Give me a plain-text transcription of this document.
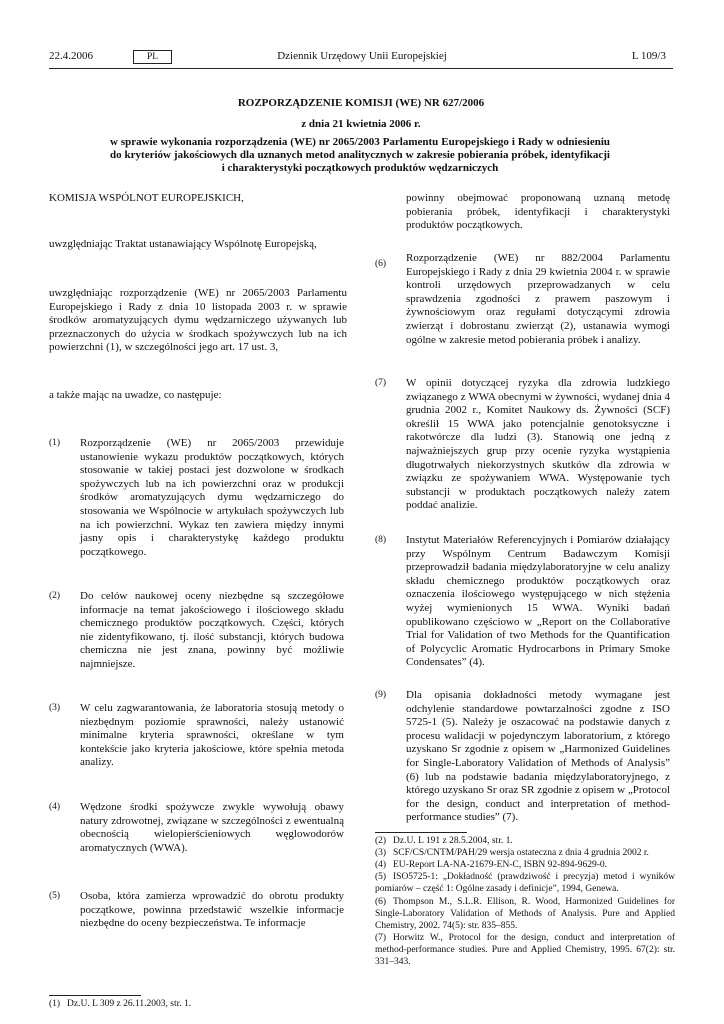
22.4.2006	PL	Dziennik Urzędowy Unii Europejskiej	L 109/3
ROZPORZĄDZENIE KOMISJI (WE) NR 627/2006
z dnia 21 kwietnia 2006 r.
w sprawie wykonania rozporządzenia (WE) nr 2065/2003 Parlamentu Europejskiego i Rady w odniesieniu do kryteriów jakościowych dla uznanych metod analitycznych w zakresie pobierania próbek, identyfikacji i charakterystyki początkowych produktów wędzarniczych
KOMISJA WSPÓLNOT EUROPEJSKICH,
uwzględniając Traktat ustanawiający Wspólnotę Europejską,
uwzględniając rozporządzenie (WE) nr 2065/2003 Parlamentu Europejskiego i Rady z dnia 10 listopada 2003 r. w sprawie środków aromatyzujących dymu wędzarniczego używanych lub przeznaczonych do użycia w środkach spożywczych lub na ich powierzchni (1), w szczególności jego art. 17 ust. 3,
a także mając na uwadze, co następuje:
(1) Rozporządzenie (WE) nr 2065/2003 przewiduje ustanowienie wykazu produktów początkowych, których stosowanie w takiej postaci jest dozwolone w środkach spożywczych lub na ich powierzchni oraz w produkcji środków aromatyzujących dymu wędzarniczego do stosowania we Wspólnocie w artykułach spożywczych lub na ich powierzchni. Wykaz ten zawiera między innymi jasny opis i charakterystykę każdego produktu początkowego.
(2) Do celów naukowej oceny niezbędne są szczegółowe informacje na temat jakościowego i ilościowego składu chemicznego produktów początkowych. Części, których nie zidentyfikowano, tj. ilość substancji, których budowa chemiczna nie jest znana, powinny być możliwie najmniejsze.
(3) W celu zagwarantowania, że laboratoria stosują metody o niezbędnym poziomie sprawności, należy ustanowić minimalne kryteria sprawności, określane w tym kontekście jako kryteria jakościowe, które spełnia metoda analizy.
(4) Wędzone środki spożywcze zwykle wywołują obawy natury zdrowotnej, związane w szczególności z ewentualną obecnością wielopierścieniowych węglowodorów aromatycznych (WWA).
(5) Osoba, która zamierza wprowadzić do obrotu produkty początkowe, powinna przedstawić wszelkie informacje niezbędne do oceny bezpieczeństwa. Te informacje
(1) Dz.U. L 309 z 26.11.2003, str. 1.
powinny obejmować proponowaną uznaną metodę pobierania próbek, identyfikacji i charakterystyki produktów początkowych.
(6) Rozporządzenie (WE) nr 882/2004 Parlamentu Europejskiego i Rady z dnia 29 kwietnia 2004 r. w sprawie kontroli urzędowych przeprowadzanych w celu sprawdzenia zgodności z prawem paszowym i żywnościowym oraz regułami dotyczącymi zdrowia zwierząt i dobrostanu zwierząt (2), ustanawia wymogi ogólne w zakresie metod pobierania próbek i analizy.
(7) W opinii dotyczącej ryzyka dla zdrowia ludzkiego związanego z WWA obecnymi w żywności, wydanej dnia 4 grudnia 2002 r., Komitet Naukowy ds. Żywności (SCF) określił 15 WWA jako potencjalnie genotoksyczne i rakotwórcze dla ludzi (3). Stanowią one jedną z najważniejszych grup przy ocenie ryzyka wystąpienia długotrwałych niekorzystnych skutków dla zdrowia w związku ze spożywaniem WWA. Występowanie tych substancji w produktach początkowych należy zatem poddać analizie.
(8) Instytut Materiałów Referencyjnych i Pomiarów działający przy Wspólnym Centrum Badawczym Komisji przeprowadził badania międzylaboratoryjne w celu analizy składu chemicznego produktów początkowych oraz oznaczenia ilościowego występującego w nich stężenia wyżej wymienionych 15 WWA. Wyniki badań opublikowano częściowo w „Report on the Collaborative Trial for Validation of two Methods for the Quantification of Polycyclic Aromatic Hydrocarbons in Primary Smoke Condensates” (4).
(9) Dla opisania dokładności metody wymagane jest odchylenie standardowe powtarzalności zgodne z ISO 5725-1 (5). Należy je oszacować na podstawie danych z procesu walidacji w pojedynczym laboratorium, z którego uzyskano Sr zgodnie z opisem w „Harmonized Guidelines for Single-Laboratory Validation of Methods of Analysis” (6) lub na podstawie badania międzylaboratoryjnego, z którego uzyskano Sr oraz SR zgodnie z opisem w „Protocol for the design, conduct and interpretation of method-performance studies” (7).
(2) Dz.U. L 191 z 28.5.2004, str. 1.
(3) SCF/CS/CNTM/PAH/29 wersja ostateczna z dnia 4 grudnia 2002 r.
(4) EU-Report LA-NA-21679-EN-C, ISBN 92-894-9629-0.
(5) ISO5725-1: „Dokładność (prawdziwość i precyzja) metod i wyników pomiarów – część 1: Ogólne zasady i definicje”, 1994, Genewa.
(6) Thompson M., S.L.R. Ellison, R. Wood, Harmonized Guidelines for Single-Laboratory Validation of Methods of Analysis. Pure and Applied Chemistry, 2002. 74(5): str. 835–855.
(7) Horwitz W., Protocol for the design, conduct and interpretation of method-performance studies. Pure and Applied Chemistry, 1995. 67(2): str. 331–343.
